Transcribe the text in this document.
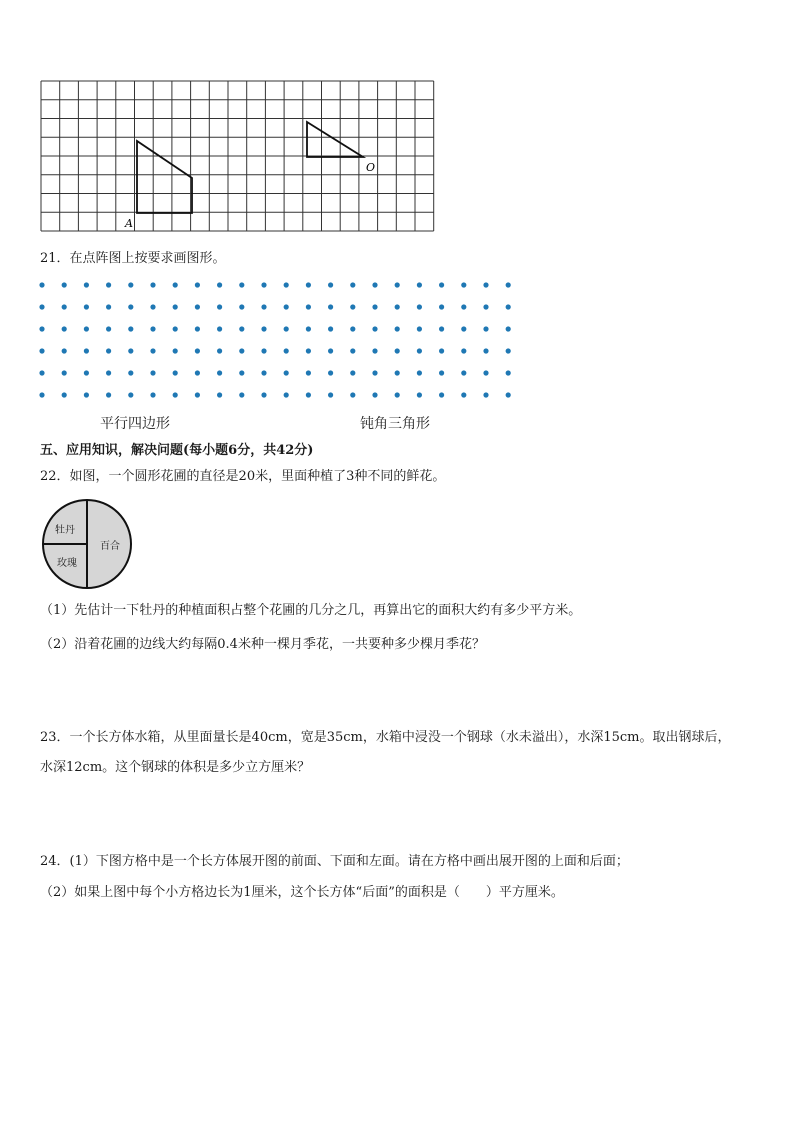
A
O
21．在点阵图上按要求画图形。
平行四边形	钝角三角形
五、应用知识，解决问题(每小题6分，共42分)
22．如图，一个圆形花圃的直径是20米，里面种植了3种不同的鲜花。
牡丹
玫瑰
百合
（1）先估计一下牡丹的种植面积占整个花圃的几分之几，再算出它的面积大约有多少平方米。
（2）沿着花圃的边线大约每隔0.4米种一棵月季花，一共要种多少棵月季花？
23．一个长方体水箱，从里面量长是40cm，宽是35cm，水箱中浸没一个钢球（水未溢出），水深15cm。取出钢球后，
水深12cm。这个钢球的体积是多少立方厘米？
24．(1）下图方格中是一个长方体展开图的前面、下面和左面。请在方格中画出展开图的上面和后面；
（2）如果上图中每个小方格边长为1厘米，这个长方体“后面”的面积是（　　）平方厘米。
